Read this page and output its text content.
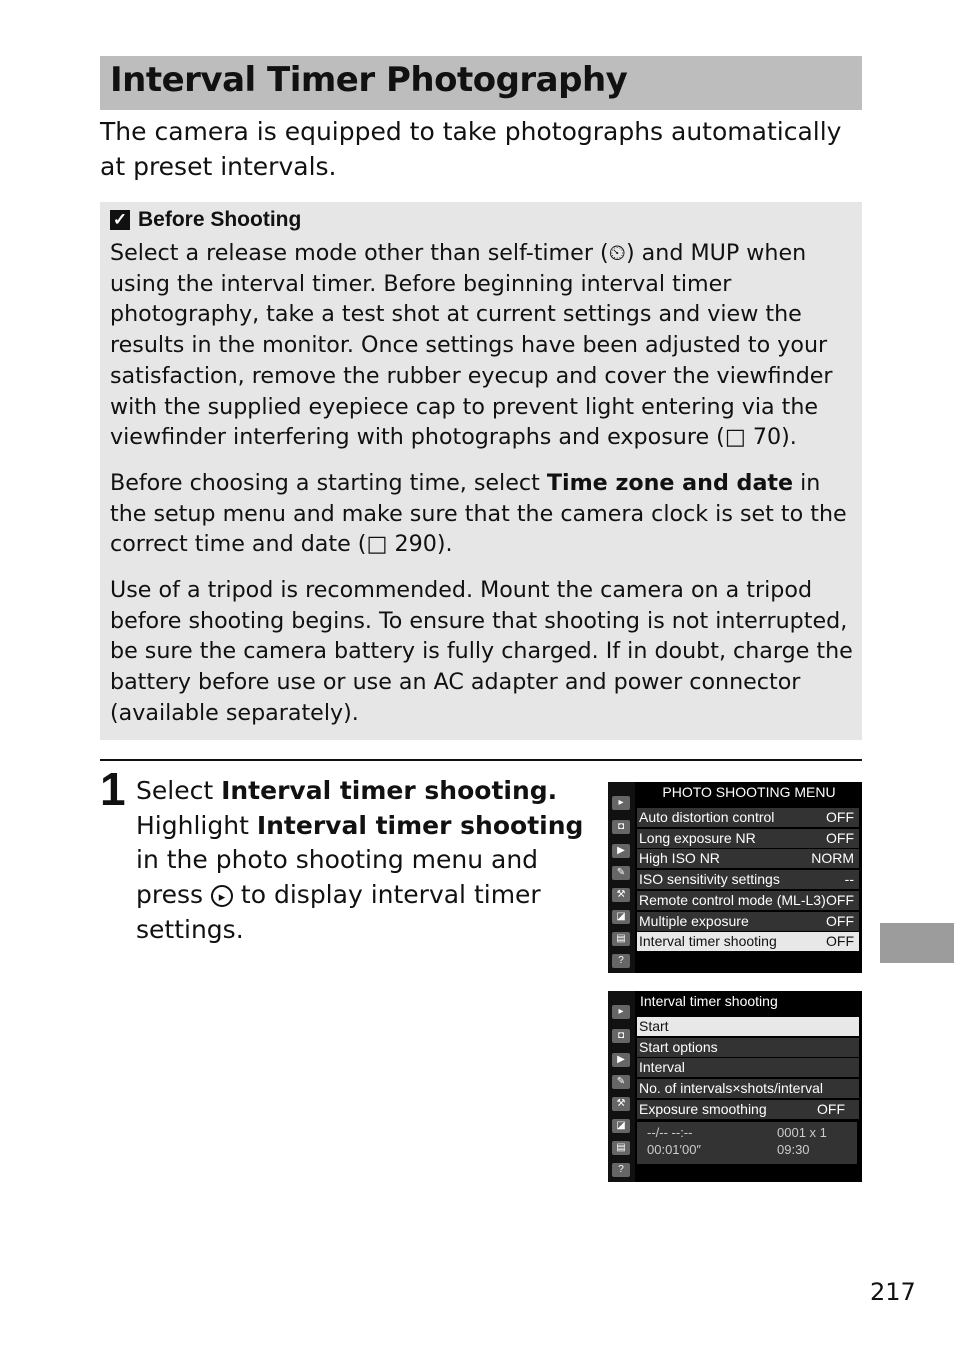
Interval Timer Photography
The camera is equipped to take photographs automatically at preset intervals.
✓ Before Shooting

Select a release mode other than self-timer (⏲) and MUP when using the interval timer. Before beginning interval timer photography, take a test shot at current settings and view the results in the monitor. Once settings have been adjusted to your satisfaction, remove the rubber eyecup and cover the viewfinder with the supplied eyepiece cap to prevent light entering via the viewfinder interfering with photographs and exposure (□ 70).

Before choosing a starting time, select Time zone and date in the setup menu and make sure that the camera clock is set to the correct time and date (□ 290).

Use of a tripod is recommended. Mount the camera on a tripod before shooting begins. To ensure that shooting is not interrupted, be sure the camera battery is fully charged. If in doubt, charge the battery before use or use an AC adapter and power connector (available separately).

1 Select Interval timer shooting.
Highlight Interval timer shooting in the photo shooting menu and press ▸ to display interval timer settings.
▸
◘
▶
✎
⚒
◪
▤
?
PHOTO SHOOTING MENU
Auto distortion control	OFF
Long exposure NR	OFF
High ISO NR	NORM
ISO sensitivity settings	--
Remote control mode (ML-L3) OFF
Multiple exposure	OFF
Interval timer shooting	OFF
▸
◘
▶
✎
⚒
◪
▤
?
Interval timer shooting
Start
Start options
Interval
No. of intervals×shots/interval
Exposure smoothing	OFF
--/-- --:--	0001 x 1
00:01′00″	09:30
217
